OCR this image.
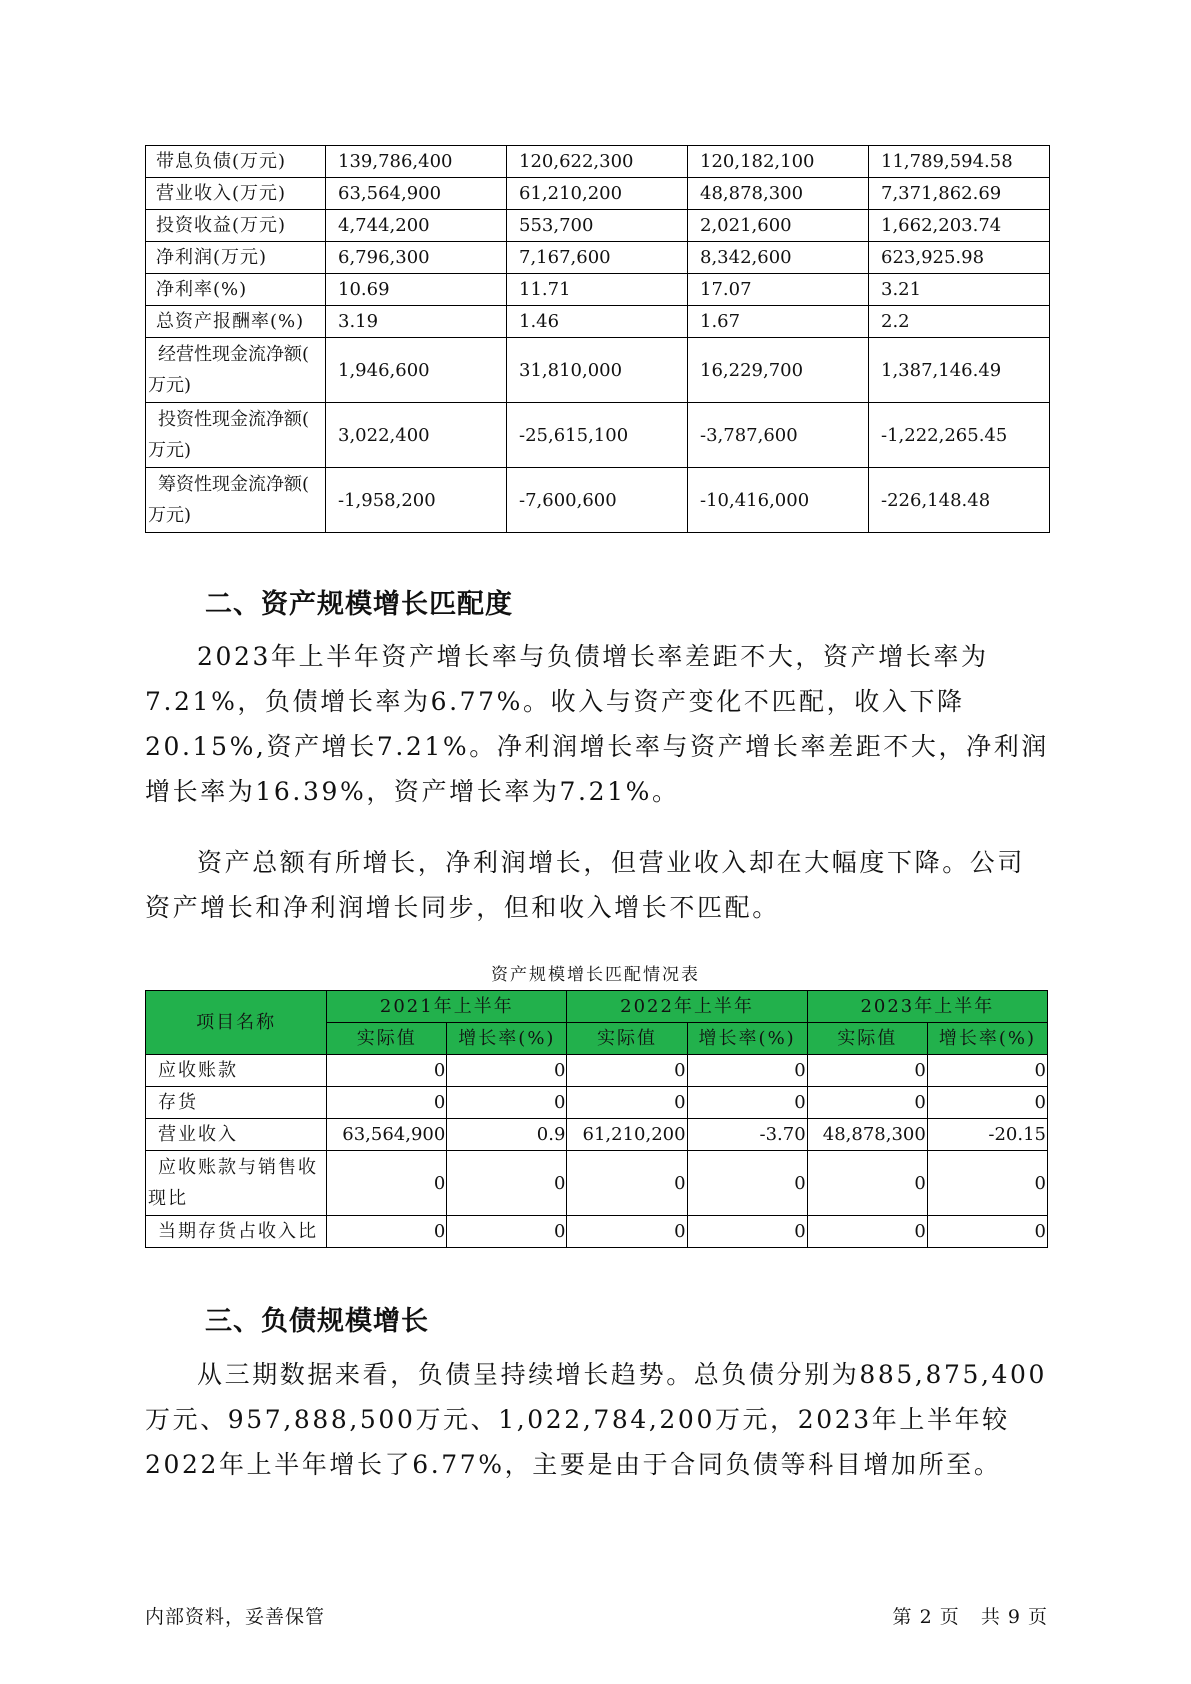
带息负债(万元)	139,786,400	120,622,300	120,182,100	11,789,594.58
营业收入(万元)	63,564,900	61,210,200	48,878,300	7,371,862.69
投资收益(万元)	4,744,200	553,700	2,021,600	1,662,203.74
净利润(万元)	6,796,300	7,167,600	8,342,600	623,925.98
净利率(%)	10.69	11.71	17.07	3.21
总资产报酬率(%)	3.19	1.46	1.67	2.2

经营性现金流净额(
万元)	1,946,600	31,810,000	16,229,700	1,387,146.49

投资性现金流净额(
万元)	3,022,400	-25,615,100	-3,787,600	-1,222,265.45

筹资性现金流净额(
万元)	-1,958,200	-7,600,600	-10,416,000	-226,148.48
二、资产规模增长匹配度

2023年上半年资产增长率与负债增长率差距不大，资产增长率为7.21%，负债增长率为6.77%。收入与资产变化不匹配，收入下降20.15%,资产增长7.21%。净利润增长率与资产增长率差距不大，净利润增长率为16.39%，资产增长率为7.21%。

资产总额有所增长，净利润增长，但营业收入却在大幅度下降。公司资产增长和净利润增长同步，但和收入增长不匹配。

资产规模增长匹配情况表
项目名称	2021年上半年		2022年上半年		2023年上半年	
	实际值	增长率(%)	实际值	增长率(%)	实际值	增长率(%)
应收账款	0	0	0	0	0	0
存货	0	0	0	0	0	0
营业收入	63,564,900	0.9	61,210,200	-3.70	48,878,300	-20.15

应收账款与销售收
现比	0	0	0	0	0	0
当期存货占收入比	0	0	0	0	0	0
三、负债规模增长

从三期数据来看，负债呈持续增长趋势。总负债分别为885,875,400万元、957,888,500万元、1,022,784,200万元，2023年上半年较2022年上半年增长了6.77%，主要是由于合同负债等科目增加所至。

内部资料，妥善保管	第 2 页   共 9 页
